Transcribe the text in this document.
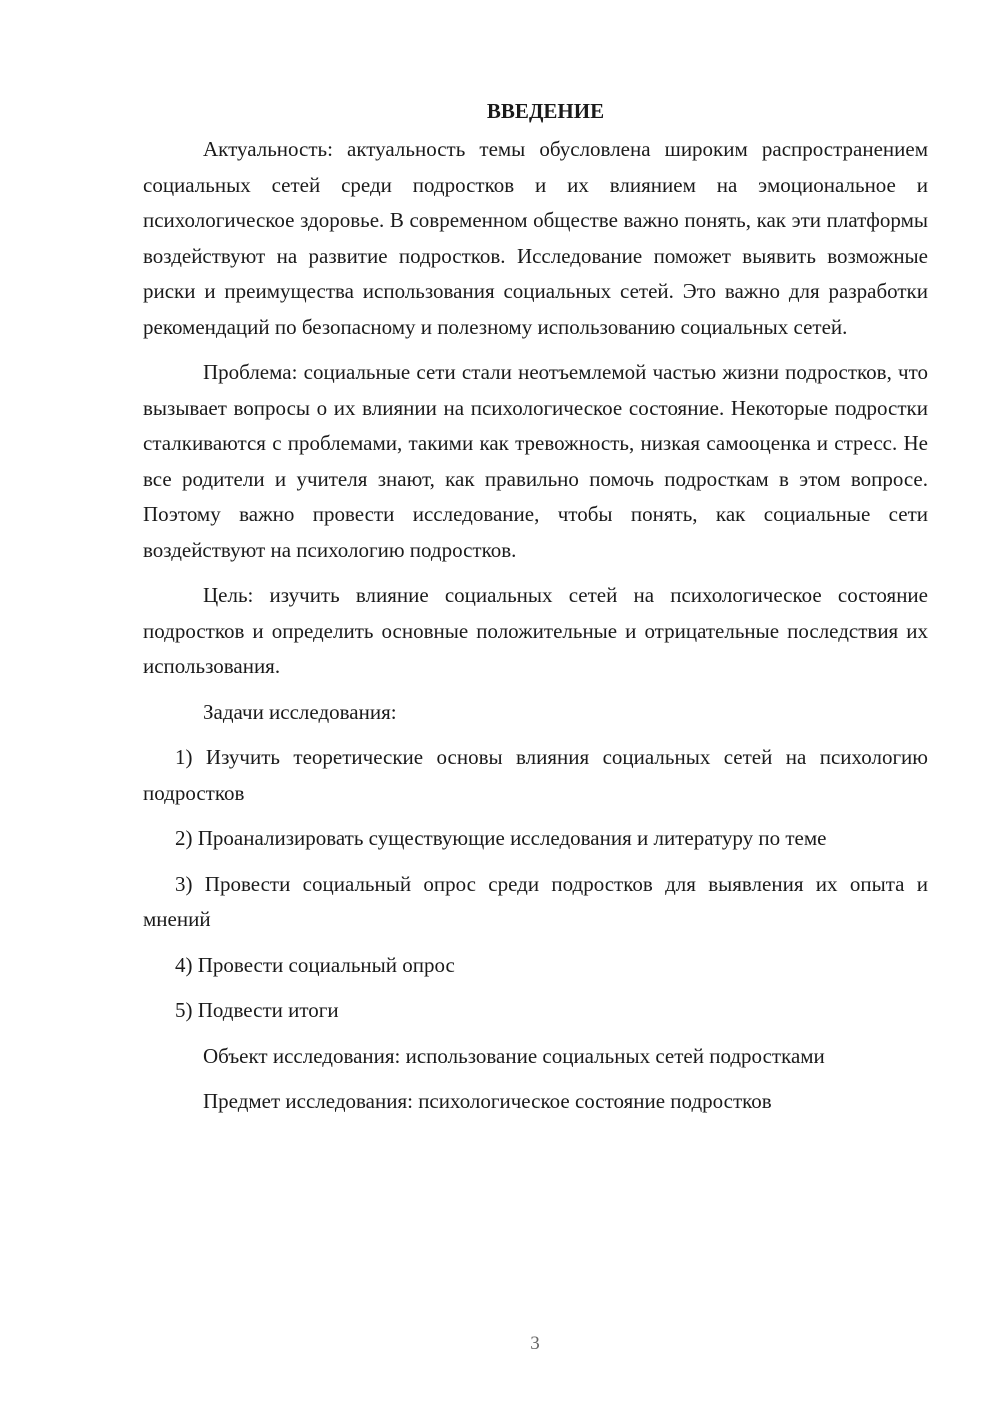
ВВЕДЕНИЕ

Актуальность: актуальность темы обусловлена широким распространением социальных сетей среди подростков и их влиянием на эмоциональное и психологическое здоровье. В современном обществе важно понять, как эти платформы воздействуют на развитие подростков. Исследование поможет выявить возможные риски и преимущества использования социальных сетей. Это важно для разработки рекомендаций по безопасному и полезному использованию социальных сетей.

Проблема: социальные сети стали неотъемлемой частью жизни подростков, что вызывает вопросы о их влиянии на психологическое состояние. Некоторые подростки сталкиваются с проблемами, такими как тревожность, низкая самооценка и стресс. Не все родители и учителя знают, как правильно помочь подросткам в этом вопросе. Поэтому важно провести исследование, чтобы понять, как социальные сети воздействуют на психологию подростков.

Цель: изучить влияние социальных сетей на психологическое состояние подростков и определить основные положительные и отрицательные последствия их использования.

Задачи исследования:

1) Изучить теоретические основы влияния социальных сетей на психологию подростков

2) Проанализировать существующие исследования и литературу по теме

3) Провести социальный опрос среди подростков для выявления их опыта и мнений

4) Провести социальный опрос

5) Подвести итоги

Объект исследования: использование социальных сетей подростками

Предмет исследования: психологическое состояние подростков

3
